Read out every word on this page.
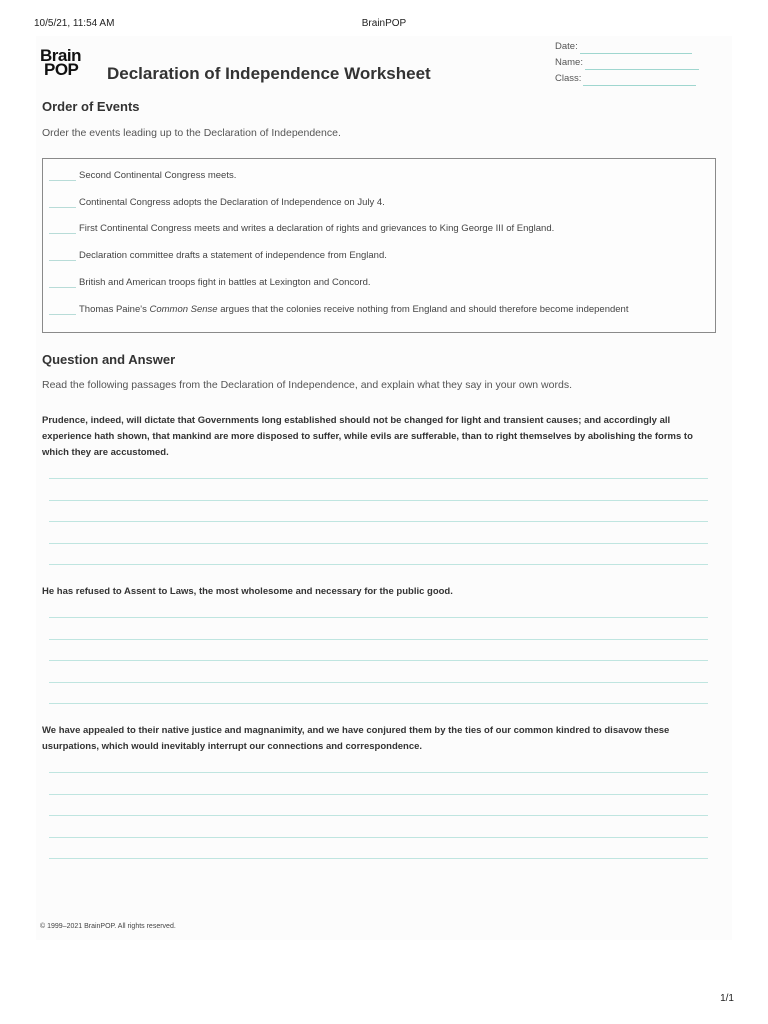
10/5/21, 11:54 AM	BrainPOP
Brain
POP	Declaration of Independence Worksheet
Date:
Name:
Class:
Order of Events
Order the events leading up to the Declaration of Independence.
Second Continental Congress meets.
Continental Congress adopts the Declaration of Independence on July 4.
First Continental Congress meets and writes a declaration of rights and grievances to King George III of England.
Declaration committee drafts a statement of independence from England.
British and American troops fight in battles at Lexington and Concord.
Thomas Paine's Common Sense argues that the colonies receive nothing from England and should therefore become independent
Question and Answer
Read the following passages from the Declaration of Independence, and explain what they say in your own words.
Prudence, indeed, will dictate that Governments long established should not be changed for light and transient causes; and accordingly all experience hath shown, that mankind are more disposed to suffer, while evils are sufferable, than to right themselves by abolishing the forms to which they are accustomed.
He has refused to Assent to Laws, the most wholesome and necessary for the public good.
We have appealed to their native justice and magnanimity, and we have conjured them by the ties of our common kindred to disavow these usurpations, which would inevitably interrupt our connections and correspondence.
© 1999–2021 BrainPOP. All rights reserved.
1/1
